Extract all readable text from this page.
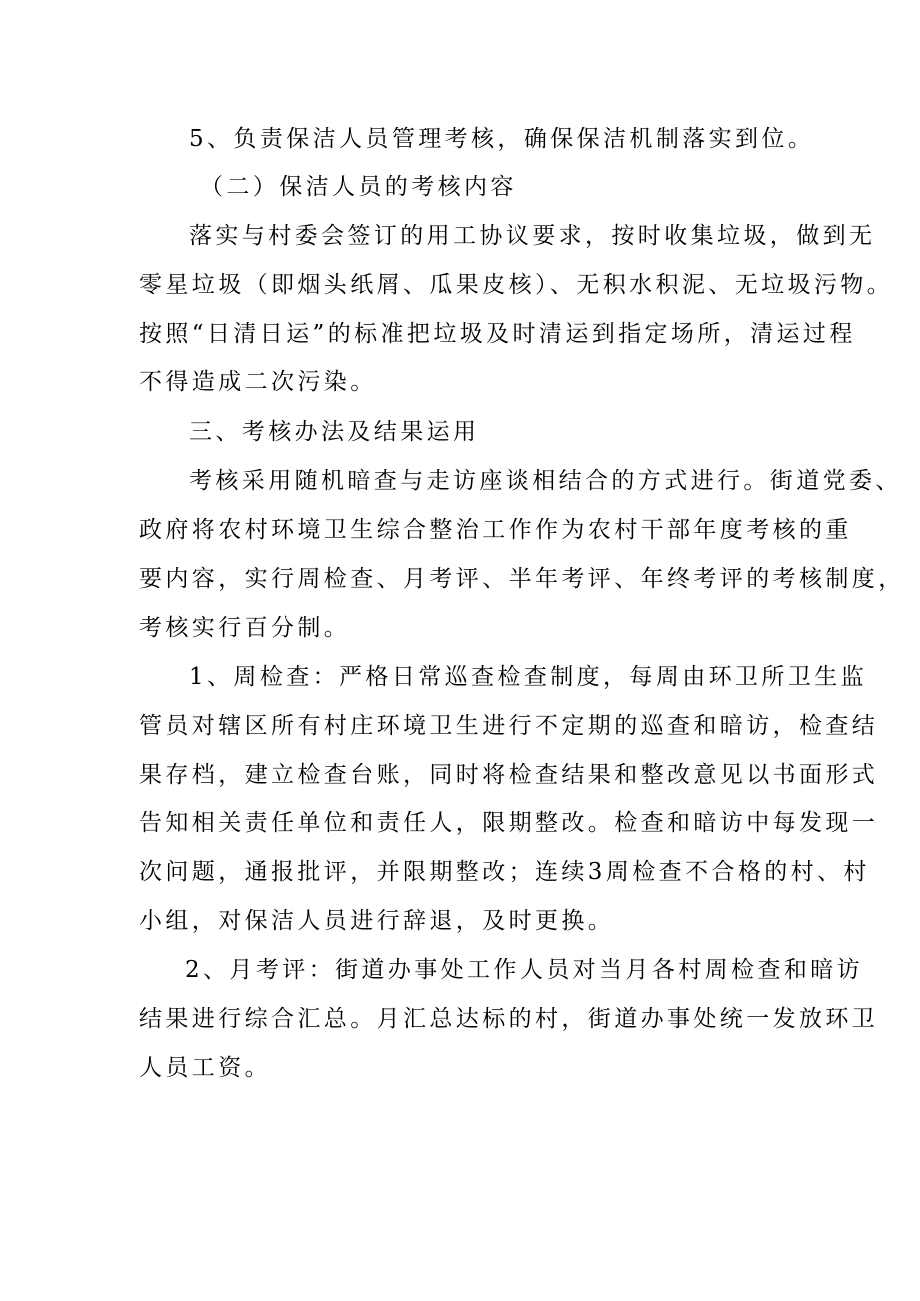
5、负责保洁人员管理考核，确保保洁机制落实到位。
（二）保洁人员的考核内容
落实与村委会签订的用工协议要求，按时收集垃圾，做到无
零星垃圾（即烟头纸屑、瓜果皮核）、无积水积泥、无垃圾污物。
按照“日清日运”的标准把垃圾及时清运到指定场所，清运过程
不得造成二次污染。
三、考核办法及结果运用
考核采用随机暗查与走访座谈相结合的方式进行。街道党委、
政府将农村环境卫生综合整治工作作为农村干部年度考核的重
要内容，实行周检查、月考评、半年考评、年终考评的考核制度，
考核实行百分制。
1、周检查：严格日常巡查检查制度，每周由环卫所卫生监
管员对辖区所有村庄环境卫生进行不定期的巡查和暗访，检查结
果存档，建立检查台账，同时将检查结果和整改意见以书面形式
告知相关责任单位和责任人，限期整改。检查和暗访中每发现一
次问题，通报批评，并限期整改；连续3周检查不合格的村、村
小组，对保洁人员进行辞退，及时更换。
2、月考评：街道办事处工作人员对当月各村周检查和暗访
结果进行综合汇总。月汇总达标的村，街道办事处统一发放环卫
人员工资。
